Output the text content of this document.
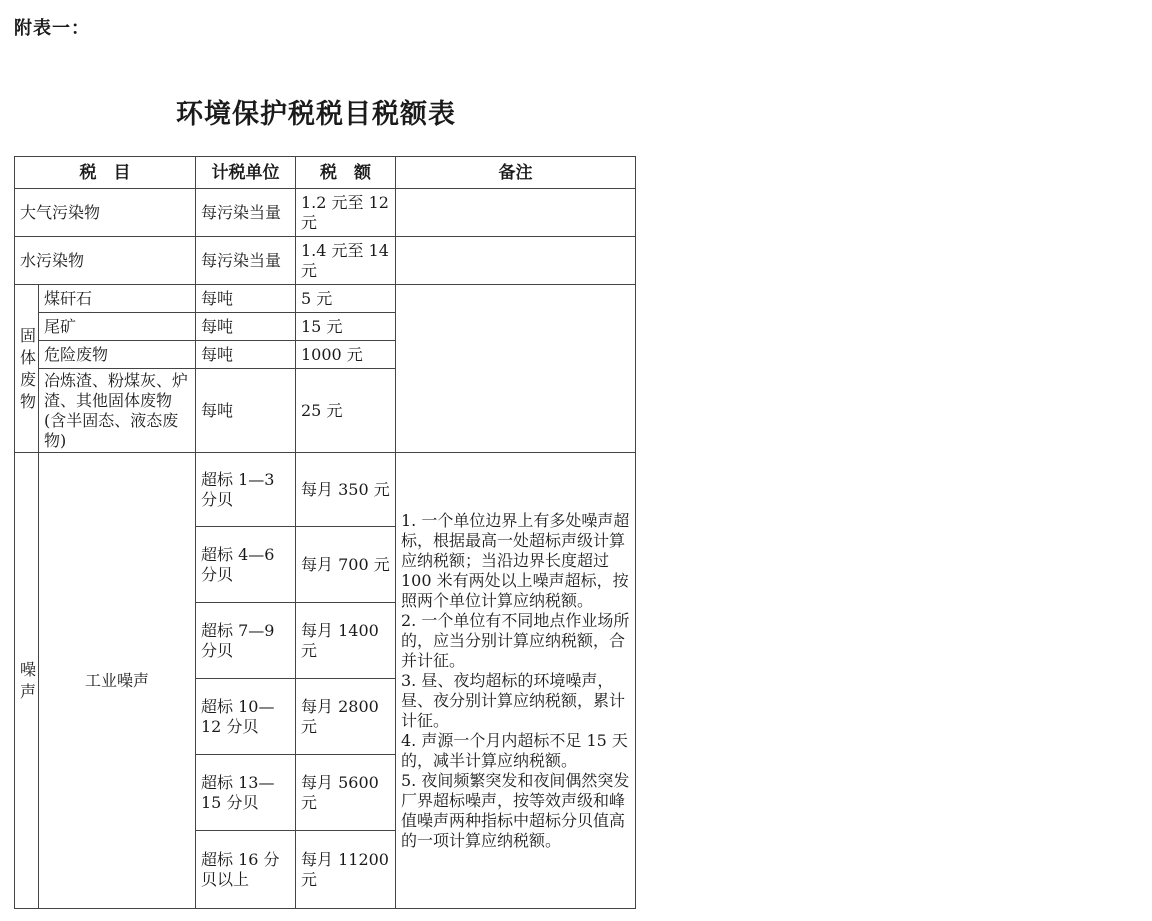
附表一：
环境保护税税目税额表
税　目		计税单位	税　额	备注
大气污染物		每污染当量	1.2 元至 12 元	
水污染物		每污染当量	1.4 元至 14 元	

固体废物	煤矸石	每吨	5 元	
	尾矿	每吨	15 元	
	危险废物	每吨	1000 元	
	冶炼渣、粉煤灰、炉渣、其他固体废物(含半固态、液态废物)	每吨	25 元	

噪声	工业噪声	超标 1—3 分贝	每月 350 元	1. 一个单位边界上有多处噪声超标，根据最高一处超标声级计算应纳税额；当沿边界长度超过 100 米有两处以上噪声超标，按照两个单位计算应纳税额。
2. 一个单位有不同地点作业场所的，应当分别计算应纳税额，合并计征。
3. 昼、夜均超标的环境噪声，昼、夜分别计算应纳税额，累计计征。
4. 声源一个月内超标不足 15 天的，减半计算应纳税额。
5. 夜间频繁突发和夜间偶然突发厂界超标噪声，按等效声级和峰值噪声两种指标中超标分贝值高的一项计算应纳税额。

		超标 4—6 分贝	每月 700 元	
		超标 7—9 分贝	每月 1400 元	
		超标 10—12 分贝	每月 2800 元	
		超标 13—15 分贝	每月 5600 元	
		超标 16 分贝以上	每月 11200 元	
